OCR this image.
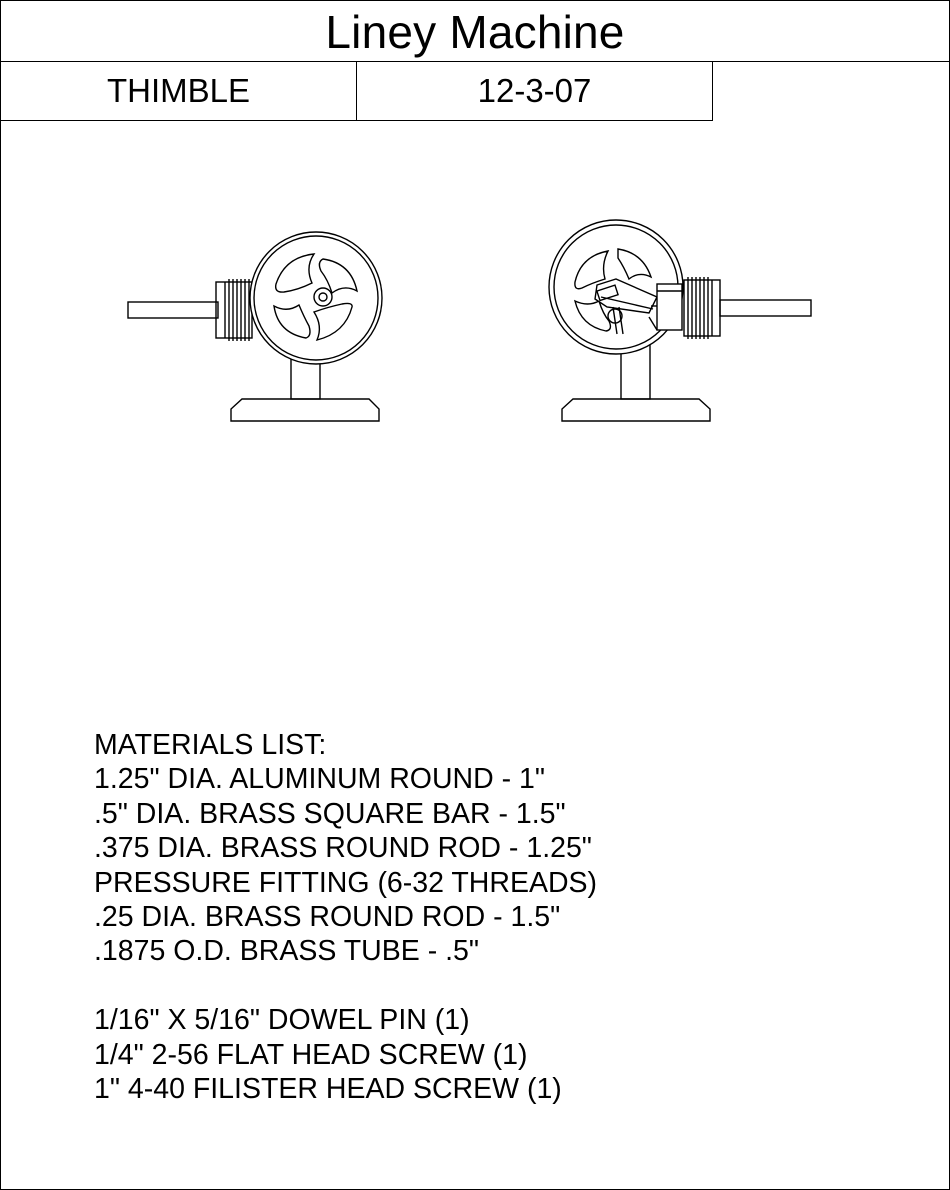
Liney Machine
THIMBLE	12-3-07
MATERIALS LIST:
1.25" DIA. ALUMINUM ROUND - 1"
.5" DIA. BRASS SQUARE BAR - 1.5"
.375 DIA. BRASS ROUND ROD - 1.25"
PRESSURE FITTING (6-32 THREADS)
.25 DIA. BRASS ROUND ROD - 1.5"
.1875 O.D. BRASS TUBE - .5"
1/16" X 5/16" DOWEL PIN (1)
1/4" 2-56 FLAT HEAD SCREW (1)
1" 4-40 FILISTER HEAD SCREW (1)
